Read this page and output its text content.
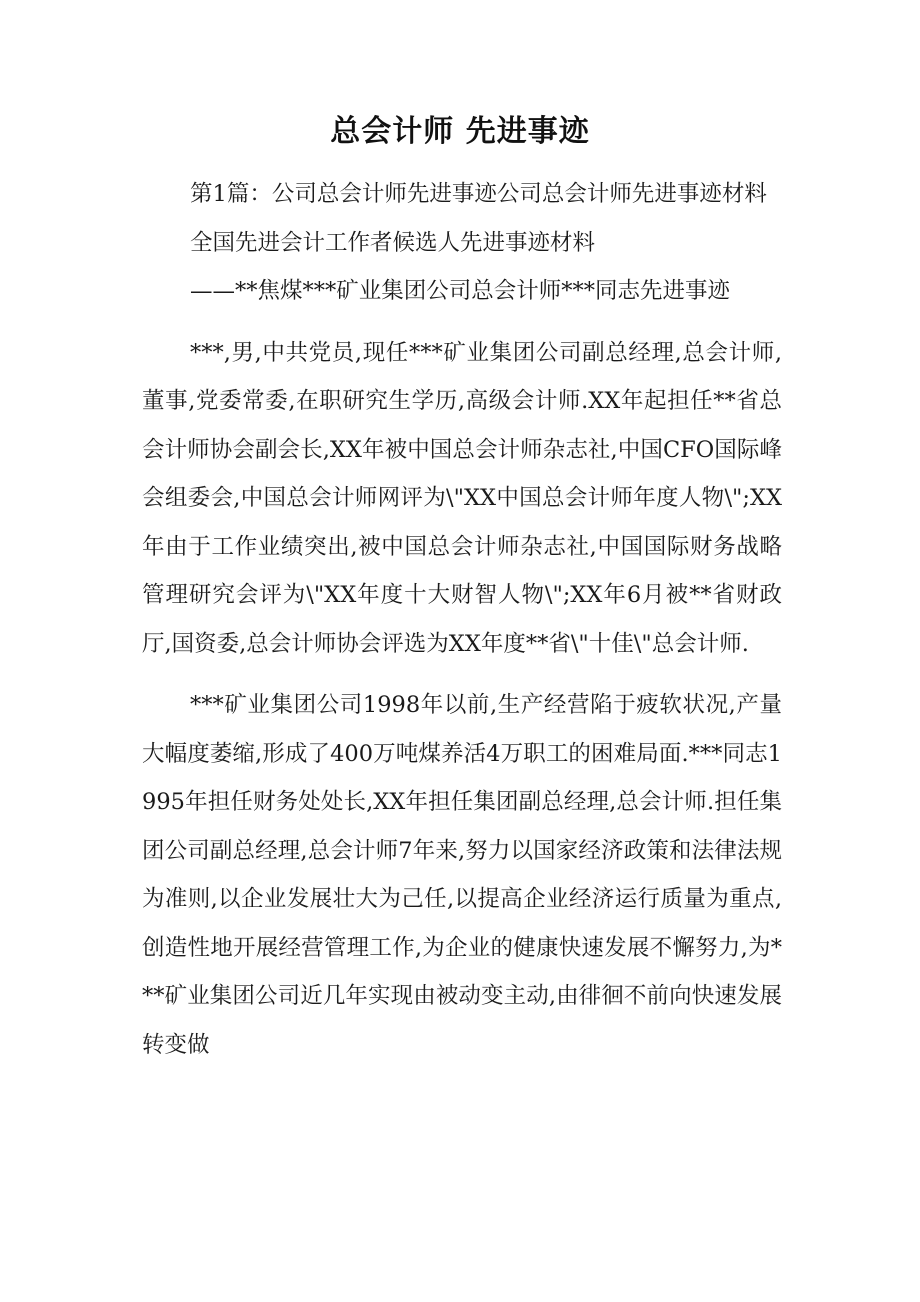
总会计师 先进事迹

第1篇：公司总会计师先进事迹公司总会计师先进事迹材料

全国先进会计工作者候选人先进事迹材料

——**焦煤***矿业集团公司总会计师***同志先进事迹

***,男,中共党员,现任***矿业集团公司副总经理,总会计师,董事,党委常委,在职研究生学历,高级会计师.XX年起担任**省总会计师协会副会长,XX年被中国总会计师杂志社,中国CFO国际峰会组委会,中国总会计师网评为\"XX中国总会计师年度人物\";XX年由于工作业绩突出,被中国总会计师杂志社,中国国际财务战略管理研究会评为\"XX年度十大财智人物\";XX年6月被**省财政厅,国资委,总会计师协会评选为XX年度**省\"十佳\"总会计师.

***矿业集团公司1998年以前,生产经营陷于疲软状况,产量大幅度萎缩,形成了400万吨煤养活4万职工的困难局面.***同志1995年担任财务处处长,XX年担任集团副总经理,总会计师.担任集团公司副总经理,总会计师7年来,努力以国家经济政策和法律法规为准则,以企业发展壮大为己任,以提高企业经济运行质量为重点,创造性地开展经营管理工作,为企业的健康快速发展不懈努力,为***矿业集团公司近几年实现由被动变主动,由徘徊不前向快速发展转变做
